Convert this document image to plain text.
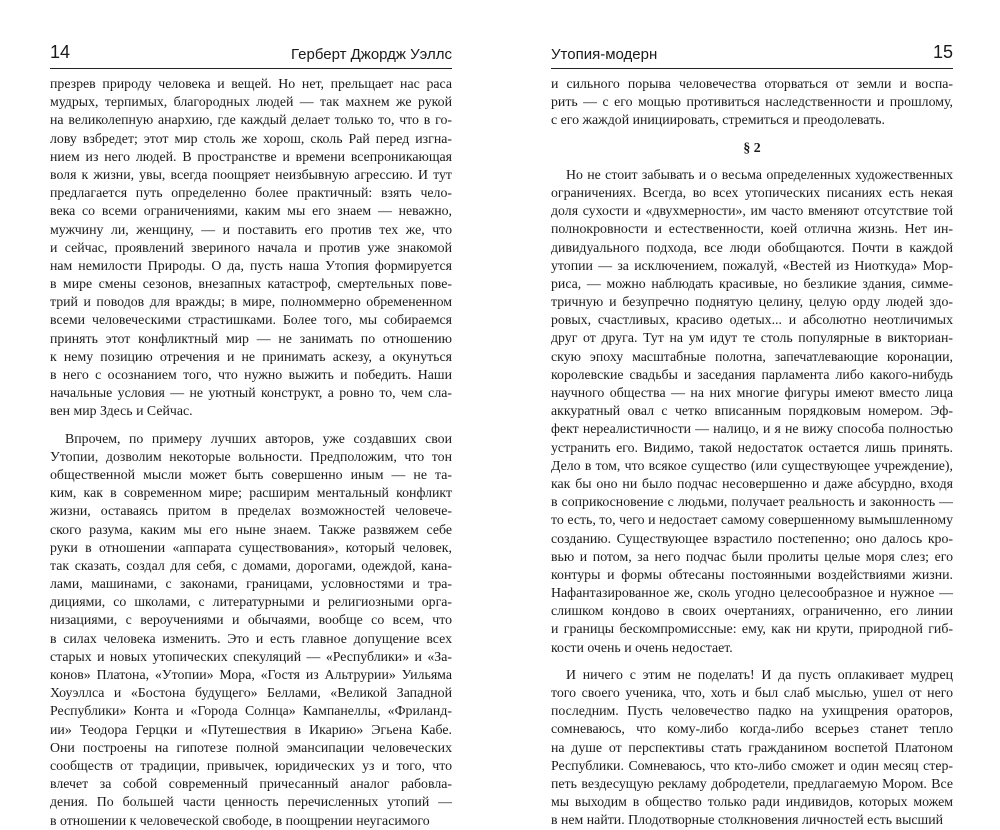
14	Герберт Джордж Уэллс
презрев природу человека и вещей. Но нет, прельщает нас раса
мудрых, терпимых, благородных людей — так махнем же рукой
на великолепную анархию, где каждый делает только то, что в го-
лову взбредет; этот мир столь же хорош, сколь Рай перед изгна-
нием из него людей. В пространстве и времени всепроникающая
воля к жизни, увы, всегда поощряет неизбывную агрессию. И тут
предлагается путь определенно более практичный: взять чело-
века со всеми ограничениями, каким мы его знаем — неважно,
мужчину ли, женщину, — и поставить его против тех же, что
и сейчас, проявлений звериного начала и против уже знакомой
нам немилости Природы. О да, пусть наша Утопия формируется
в мире смены сезонов, внезапных катастроф, смертельных пове-
трий и поводов для вражды; в мире, полноммерно обремененном
всеми человеческими страстишками. Более того, мы собираемся
принять этот конфликтный мир — не занимать по отношению
к нему позицию отречения и не принимать аскезу, а окунуться
в него с осознанием того, что нужно выжить и победить. Наши
начальные условия — не уютный конструкт, а ровно то, чем сла-
вен мир Здесь и Сейчас.
Впрочем, по примеру лучших авторов, уже создавших свои
Утопии, дозволим некоторые вольности. Предположим, что тон
общественной мысли может быть совершенно иным — не та-
ким, как в современном мире; расширим ментальный конфликт
жизни, оставаясь притом в пределах возможностей человече-
ского разума, каким мы его ныне знаем. Также развяжем себе
руки в отношении «аппарата существования», который человек,
так сказать, создал для себя, с домами, дорогами, одеждой, кана-
лами, машинами, с законами, границами, условностями и тра-
дициями, со школами, с литературными и религиозными орга-
низациями, с вероучениями и обычаями, вообще со всем, что
в силах человека изменить. Это и есть главное допущение всех
старых и новых утопических спекуляций — «Республики» и «За-
конов» Платона, «Утопии» Мора, «Гостя из Альтрурии» Уильяма
Хоуэллса и «Бостона будущего» Беллами, «Великой Западной
Республики» Конта и «Города Солнца» Кампанеллы, «Фриланд-
ии» Теодора Герцки и «Путешествия в Икарию» Эгьена Кабе.
Они построены на гипотезе полной эмансипации человеческих
сообществ от традиции, привычек, юридических уз и того, что
влечет за собой современный причесанный аналог рабовла-
дения. По большей части ценность перечисленных утопий —
в отношении к человеческой свободе, в поощрении неугасимого
Утопия-модерн	15
и сильного порыва человечества оторваться от земли и воспа-
рить — с его мощью противиться наследственности и прошлому,
с его жаждой инициировать, стремиться и преодолевать.
§ 2
Но не стоит забывать и о весьма определенных художественных
ограничениях. Всегда, во всех утопических писаниях есть некая
доля сухости и «двухмерности», им часто вменяют отсутствие той
полнокровности и естественности, коей отлична жизнь. Нет ин-
дивидуального подхода, все люди обобщаются. Почти в каждой
утопии — за исключением, пожалуй, «Вестей из Ниоткуда» Мор-
риса, — можно наблюдать красивые, но безликие здания, симме-
тричную и безупречно поднятую целину, целую орду людей здо-
ровых, счастливых, красиво одетых... и абсолютно неотличимых
друг от друга. Тут на ум идут те столь популярные в викториан-
скую эпоху масштабные полотна, запечатлевающие коронации,
королевские свадьбы и заседания парламента либо какого-нибудь
научного общества — на них многие фигуры имеют вместо лица
аккуратный овал с четко вписанным порядковым номером. Эф-
фект нереалистичности — налицо, и я не вижу способа полностью
устранить его. Видимо, такой недостаток остается лишь принять.
Дело в том, что всякое существо (или существующее учреждение),
как бы оно ни было подчас несовершенно и даже абсурдно, входя
в соприкосновение с людьми, получает реальность и законность —
то есть, то, чего и недостает самому совершенному вымышленному
созданию. Существующее взрастило постепенно; оно далось кро-
вью и потом, за него подчас были пролиты целые моря слез; его
контуры и формы обтесаны постоянными воздействиями жизни.
Нафантазированное же, сколь угодно целесообразное и нужное —
слишком кондово в своих очертаниях, ограниченно, его линии
и границы бескомпромиссные: ему, как ни крути, природной гиб-
кости очень и очень недостает.
И ничего с этим не поделать! И да пусть оплакивает мудрец
того своего ученика, что, хоть и был слаб мыслью, ушел от него
последним. Пусть человечество падко на ухищрения ораторов,
сомневаюсь, что кому-либо когда-либо всерьез станет тепло
на душе от перспективы стать гражданином воспетой Платоном
Республики. Сомневаюсь, что кто-либо сможет и один месяц стер-
петь вездесущую рекламу добродетели, предлагаемую Мором. Все
мы выходим в общество только ради индивидов, которых можем
в нем найти. Плодотворные столкновения личностей есть высший
